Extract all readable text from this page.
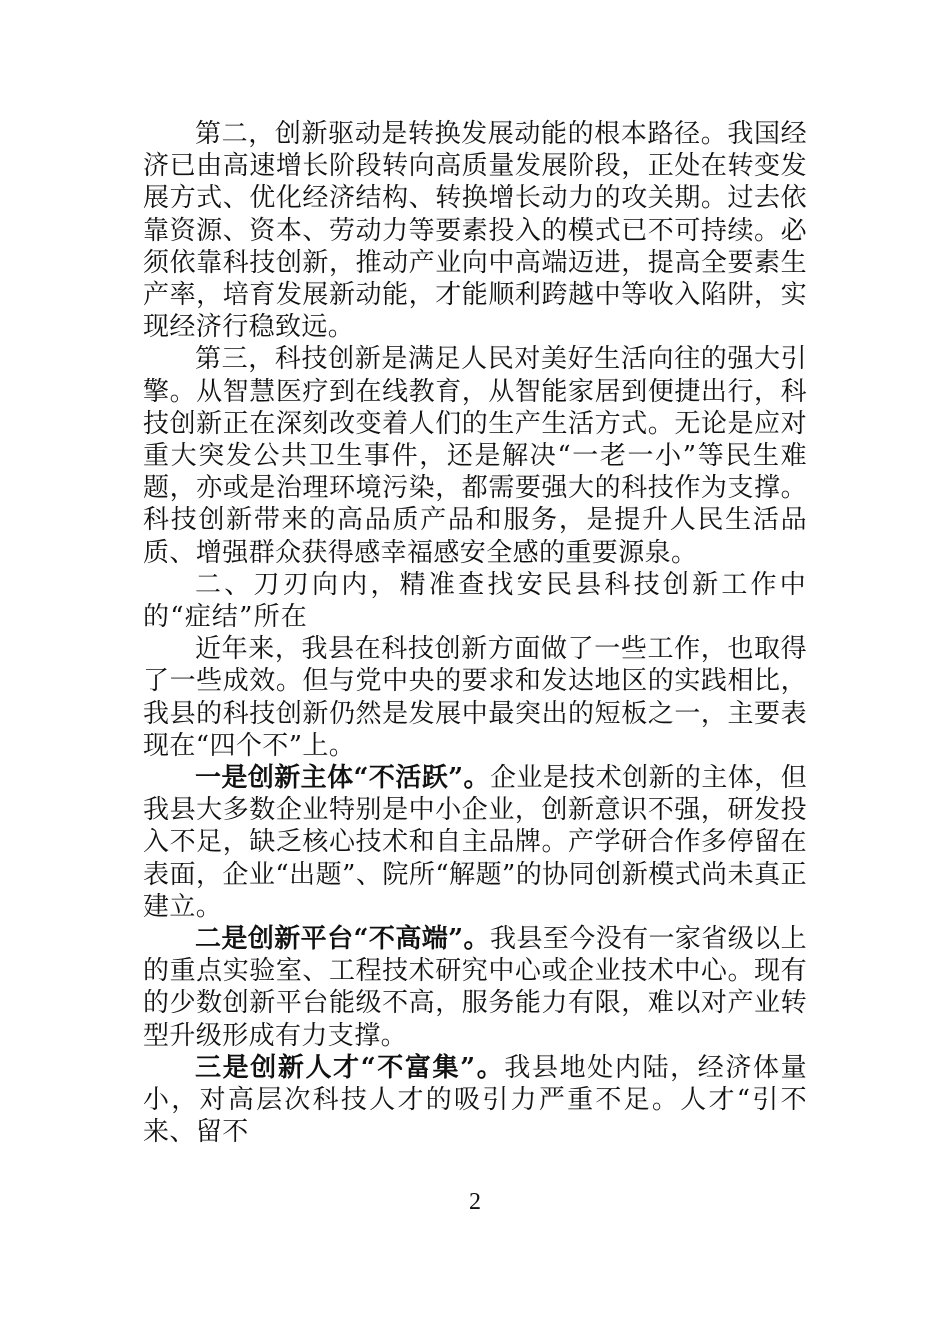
第二，创新驱动是转换发展动能的根本路径。我国经济已由高速增长阶段转向高质量发展阶段，正处在转变发展方式、优化经济结构、转换增长动力的攻关期。过去依靠资源、资本、劳动力等要素投入的模式已不可持续。必须依靠科技创新，推动产业向中高端迈进，提高全要素生产率，培育发展新动能，才能顺利跨越中等收入陷阱，实现经济行稳致远。

第三，科技创新是满足人民对美好生活向往的强大引擎。从智慧医疗到在线教育，从智能家居到便捷出行，科技创新正在深刻改变着人们的生产生活方式。无论是应对重大突发公共卫生事件，还是解决“一老一小”等民生难题，亦或是治理环境污染，都需要强大的科技作为支撑。科技创新带来的高品质产品和服务，是提升人民生活品质、增强群众获得感幸福感安全感的重要源泉。

二、刀刃向内，精准查找安民县科技创新工作中的“症结”所在

近年来，我县在科技创新方面做了一些工作，也取得了一些成效。但与党中央的要求和发达地区的实践相比，我县的科技创新仍然是发展中最突出的短板之一，主要表现在“四个不”上。

一是创新主体“不活跃”。企业是技术创新的主体，但我县大多数企业特别是中小企业，创新意识不强，研发投入不足，缺乏核心技术和自主品牌。产学研合作多停留在表面，企业“出题”、院所“解题”的协同创新模式尚未真正建立。

二是创新平台“不高端”。我县至今没有一家省级以上的重点实验室、工程技术研究中心或企业技术中心。现有的少数创新平台能级不高，服务能力有限，难以对产业转型升级形成有力支撑。

三是创新人才“不富集”。我县地处内陆，经济体量小，对高层次科技人才的吸引力严重不足。人才“引不来、留不

2
